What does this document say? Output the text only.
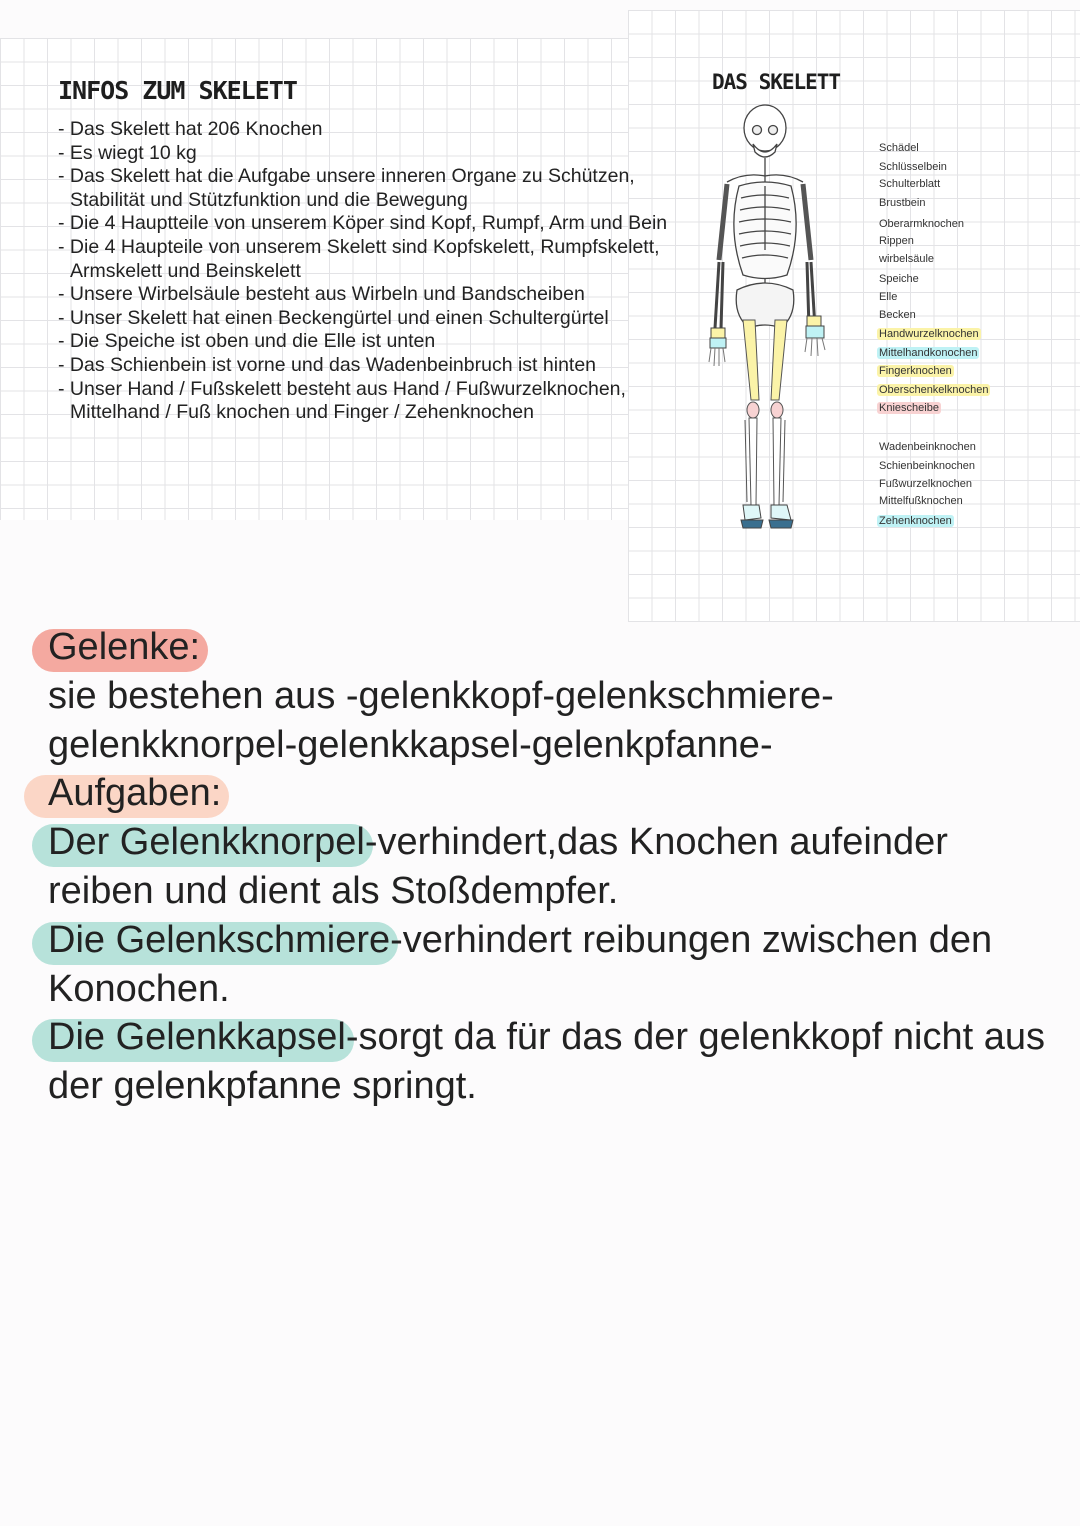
INFOS ZUM SKELETT
- Das Skelett hat 206 Knochen
- Es wiegt 10 kg
- Das Skelett hat die Aufgabe unsere inneren Organe zu Schützen, Stabilität und Stützfunktion und die Bewegung
- Die 4 Hauptteile von unserem Köper sind Kopf, Rumpf, Arm und Bein
- Die 4 Haupteile von unserem Skelett sind Kopfskelett, Rumpfskelett, Armskelett und Beinskelett
- Unsere Wirbelsäule besteht aus Wirbeln und Bandscheiben
- Unser Skelett hat einen Beckengürtel und einen Schultergürtel
- Die Speiche ist oben und die Elle ist unten
- Das Schienbein ist vorne und das Wadenbeinbruch ist hinten
- Unser Hand / Fußskelett besteht aus Hand / Fußwurzelknochen, Mittelhand / Fuß knochen und Finger / Zehenknochen
DAS SKELETT
Schädel
Schlüsselbein
Schulterblatt
Brustbein
Oberarmknochen
Rippen
wirbelsäule
Speiche
Elle
Becken
Handwurzelknochen
Mittelhandkonochen
Fingerknochen
Oberschenkelknochen
Kniescheibe
Wadenbeinknochen
Schienbeinknochen
Fußwurzelknochen
Mittelfußknochen
Zehenknochen

Gelenke:

sie bestehen aus -gelenkkopf-gelenkschmiere-gelenkknorpel-gelenkkapsel-gelenkpfanne-

Aufgaben:

Der Gelenkknorpel-verhindert,das Knochen aufeinder reiben und dient als Stoßdempfer.

Die Gelenkschmiere-verhindert reibungen zwischen den Konochen.

Die Gelenkkapsel-sorgt da für das der gelenkkopf nicht aus der gelenkpfanne springt.
